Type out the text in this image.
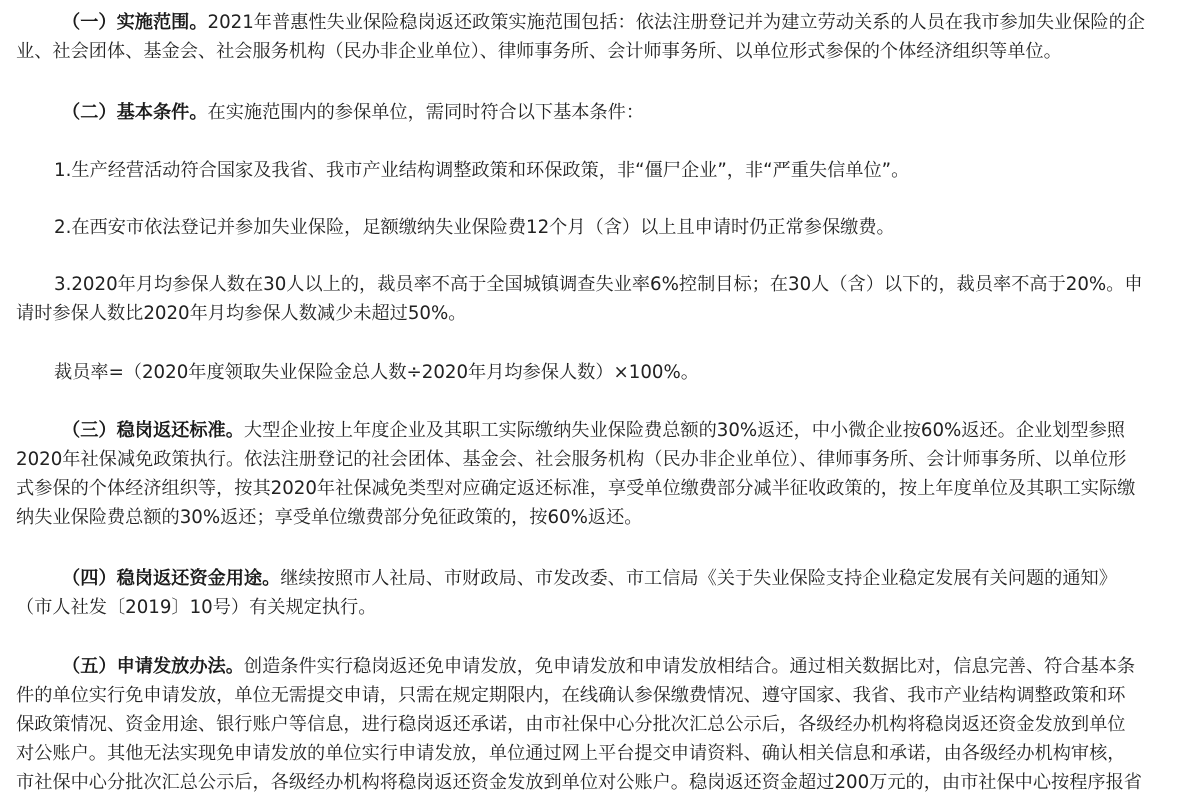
（一）实施范围。2021年普惠性失业保险稳岗返还政策实施范围包括：依法注册登记并为建立劳动关系的人员在我市参加失业保险的企
业、社会团体、基金会、社会服务机构（民办非企业单位）、律师事务所、会计师事务所、以单位形式参保的个体经济组织等单位。

（二）基本条件。在实施范围内的参保单位，需同时符合以下基本条件：

1.生产经营活动符合国家及我省、我市产业结构调整政策和环保政策，非“僵尸企业”，非“严重失信单位”。

2.在西安市依法登记并参加失业保险，足额缴纳失业保险费12个月（含）以上且申请时仍正常参保缴费。

3.2020年月均参保人数在30人以上的，裁员率不高于全国城镇调查失业率6%控制目标；在30人（含）以下的，裁员率不高于20%。申
请时参保人数比2020年月均参保人数减少未超过50%。

裁员率=（2020年度领取失业保险金总人数÷2020年月均参保人数）×100%。

（三）稳岗返还标准。大型企业按上年度企业及其职工实际缴纳失业保险费总额的30%返还，中小微企业按60%返还。企业划型参照
2020年社保减免政策执行。依法注册登记的社会团体、基金会、社会服务机构（民办非企业单位）、律师事务所、会计师事务所、以单位形
式参保的个体经济组织等，按其2020年社保减免类型对应确定返还标准，享受单位缴费部分减半征收政策的，按上年度单位及其职工实际缴
纳失业保险费总额的30%返还；享受单位缴费部分免征政策的，按60%返还。

（四）稳岗返还资金用途。继续按照市人社局、市财政局、市发改委、市工信局《关于失业保险支持企业稳定发展有关问题的通知》
（市人社发〔2019〕10号）有关规定执行。

（五）申请发放办法。创造条件实行稳岗返还免申请发放，免申请发放和申请发放相结合。通过相关数据比对，信息完善、符合基本条
件的单位实行免申请发放，单位无需提交申请，只需在规定期限内，在线确认参保缴费情况、遵守国家、我省、我市产业结构调整政策和环
保政策情况、资金用途、银行账户等信息，进行稳岗返还承诺，由市社保中心分批次汇总公示后，各级经办机构将稳岗返还资金发放到单位
对公账户。其他无法实现免申请发放的单位实行申请发放，单位通过网上平台提交申请资料、确认相关信息和承诺，由各级经办机构审核，
市社保中心分批次汇总公示后，各级经办机构将稳岗返还资金发放到单位对公账户。稳岗返还资金超过200万元的，由市社保中心按程序报省
